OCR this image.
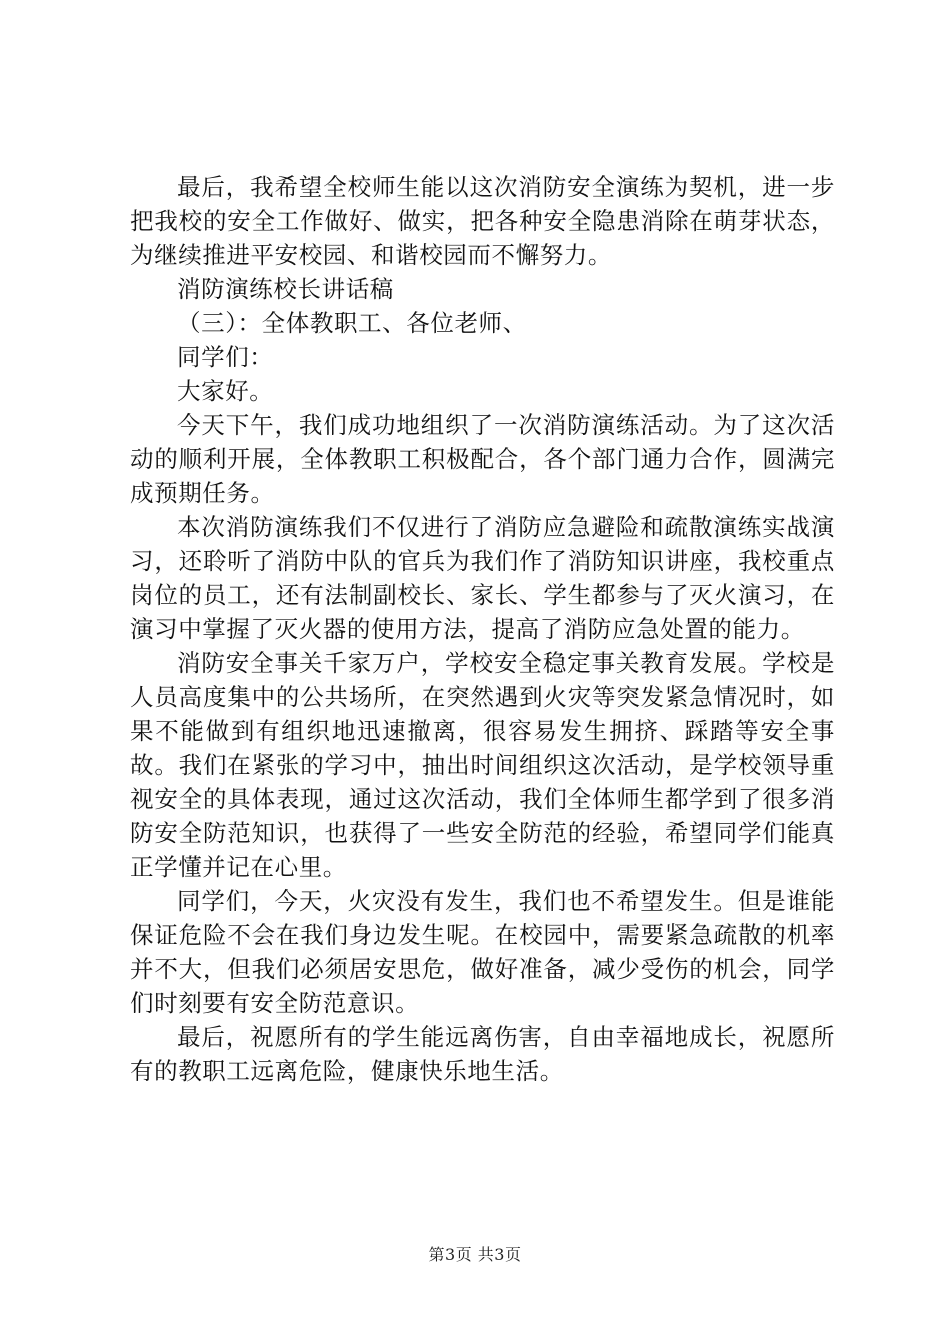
最后，我希望全校师生能以这次消防安全演练为契机，进一步把我校的安全工作做好、做实，把各种安全隐患消除在萌芽状态，为继续推进平安校园、和谐校园而不懈努力。

消防演练校长讲话稿

（三）：全体教职工、各位老师、

同学们：

大家好。

今天下午，我们成功地组织了一次消防演练活动。为了这次活动的顺利开展，全体教职工积极配合，各个部门通力合作，圆满完成预期任务。

本次消防演练我们不仅进行了消防应急避险和疏散演练实战演习，还聆听了消防中队的官兵为我们作了消防知识讲座，我校重点岗位的员工，还有法制副校长、家长、学生都参与了灭火演习，在演习中掌握了灭火器的使用方法，提高了消防应急处置的能力。

消防安全事关千家万户，学校安全稳定事关教育发展。学校是人员高度集中的公共场所，在突然遇到火灾等突发紧急情况时，如果不能做到有组织地迅速撤离，很容易发生拥挤、踩踏等安全事故。我们在紧张的学习中，抽出时间组织这次活动，是学校领导重视安全的具体表现，通过这次活动，我们全体师生都学到了很多消防安全防范知识，也获得了一些安全防范的经验，希望同学们能真正学懂并记在心里。

同学们，今天，火灾没有发生，我们也不希望发生。但是谁能保证危险不会在我们身边发生呢。在校园中，需要紧急疏散的机率并不大，但我们必须居安思危，做好准备，减少受伤的机会，同学们时刻要有安全防范意识。

最后，祝愿所有的学生能远离伤害，自由幸福地成长，祝愿所有的教职工远离危险，健康快乐地生活。

第3页 共3页
